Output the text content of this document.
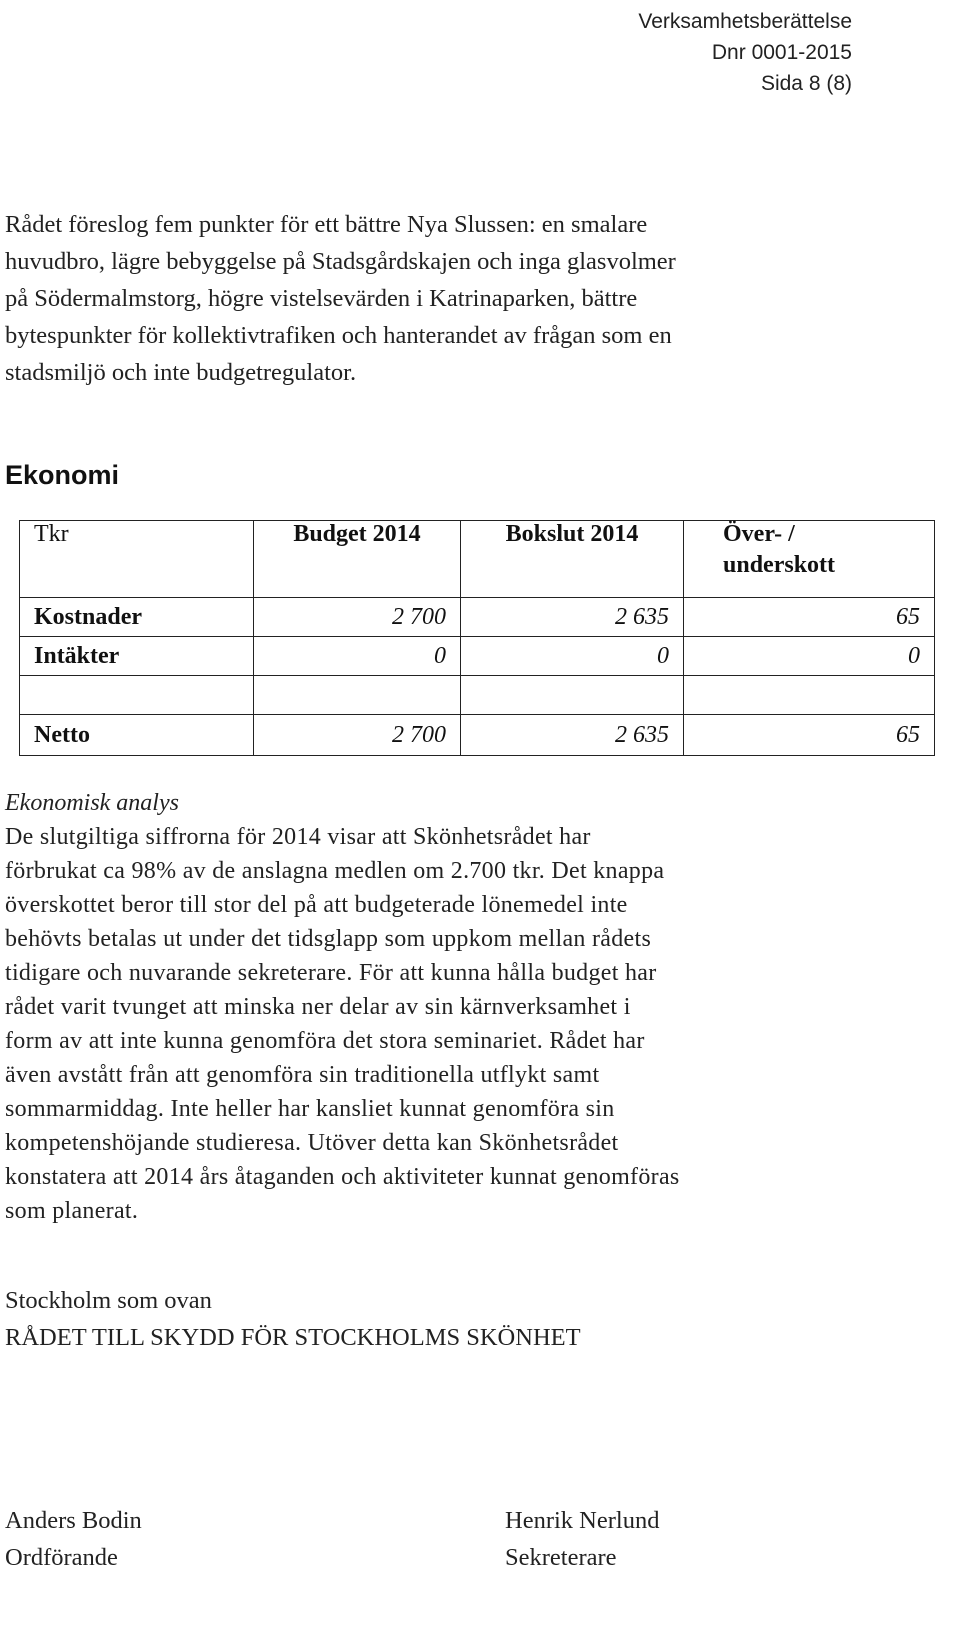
Verksamhetsberättelse
Dnr 0001-2015
Sida 8 (8)
Rådet föreslog fem punkter för ett bättre Nya Slussen: en smalare
huvudbro, lägre bebyggelse på Stadsgårdskajen och inga glasvolmer
på Södermalmstorg, högre vistelsevärden i Katrinaparken, bättre
bytespunkter för kollektivtrafiken och hanterandet av frågan som en
stadsmiljö och inte budgetregulator.
Ekonomi
Tkr	Budget 2014	Bokslut 2014	Över- /
underskott

Kostnader	2 700	2 635	65
Intäkter	0	0	0

Netto	2 700	2 635	65
Ekonomisk analys
De slutgiltiga siffrorna för 2014 visar att Skönhetsrådet har
förbrukat ca 98% av de anslagna medlen om 2.700 tkr. Det knappa
överskottet beror till stor del på att budgeterade lönemedel inte
behövts betalas ut under det tidsglapp som uppkom mellan rådets
tidigare och nuvarande sekreterare. För att kunna hålla budget har
rådet varit tvunget att minska ner delar av sin kärnverksamhet i
form av att inte kunna genomföra det stora seminariet. Rådet har
även avstått från att genomföra sin traditionella utflykt samt
sommarmiddag. Inte heller har kansliet kunnat genomföra sin
kompetenshöjande studieresa. Utöver detta kan Skönhetsrådet
konstatera att 2014 års åtaganden och aktiviteter kunnat genomföras
som planerat.
Stockholm som ovan
RÅDET TILL SKYDD FÖR STOCKHOLMS SKÖNHET
Anders Bodin
Ordförande
Henrik Nerlund
Sekreterare
